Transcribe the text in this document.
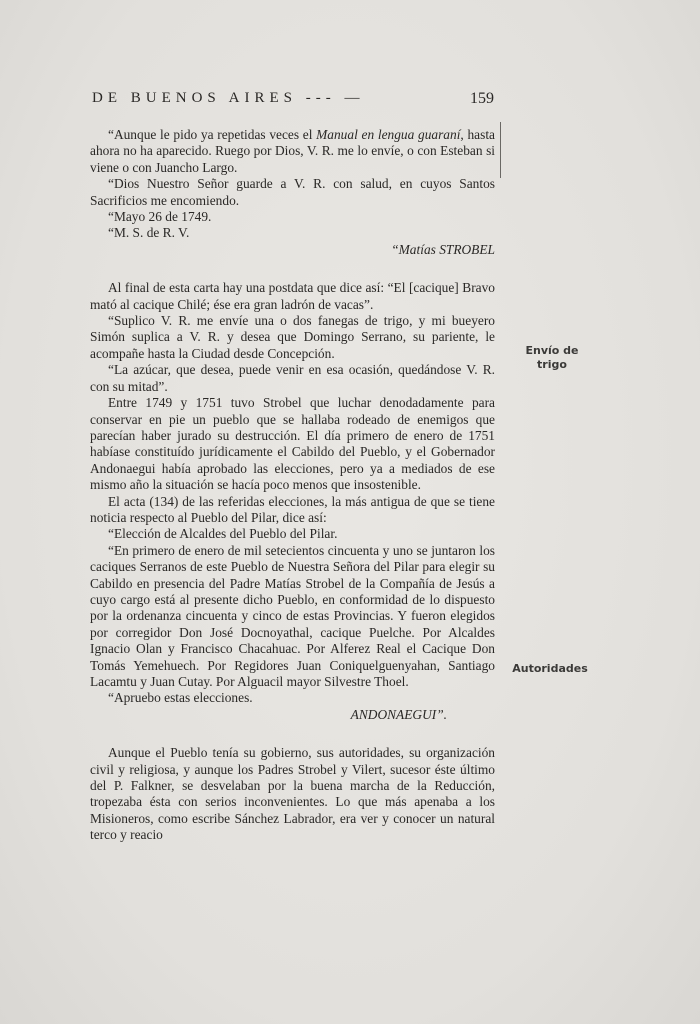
DE BUENOS AIRES --- —	159

“Aunque le pido ya repetidas veces el Manual en lengua guaraní, hasta ahora no ha aparecido. Ruego por Dios, V. R. me lo envíe, o con Esteban si viene o con Juancho Largo.

“Dios Nuestro Señor guarde a V. R. con salud, en cuyos Santos Sacrificios me encomiendo.

“Mayo 26 de 1749.

“M. S. de R. V.

“Matías STROBEL

Al final de esta carta hay una postdata que dice así: “El [cacique] Bravo mató al cacique Chilé; ése era gran ladrón de vacas”.

“Suplico V. R. me envíe una o dos fanegas de trigo, y mi bueyero Simón suplica a V. R. y desea que Domingo Serrano, su pariente, le acompañe hasta la Ciudad desde Concepción.

“La azúcar, que desea, puede venir en esa ocasión, quedándose V. R. con su mitad”.

Entre 1749 y 1751 tuvo Strobel que luchar denodadamente para conservar en pie un pueblo que se hallaba rodeado de enemigos que parecían haber jurado su destrucción. El día primero de enero de 1751 habíase constituído jurídicamente el Cabildo del Pueblo, y el Gobernador Andonaegui había aprobado las elecciones, pero ya a mediados de ese mismo año la situación se hacía poco menos que insostenible.

El acta (134) de las referidas elecciones, la más antigua de que se tiene noticia respecto al Pueblo del Pilar, dice así:

“Elección de Alcaldes del Pueblo del Pilar.

“En primero de enero de mil setecientos cincuenta y uno se juntaron los caciques Serranos de este Pueblo de Nuestra Señora del Pilar para elegir su Cabildo en presencia del Padre Matías Strobel de la Compañía de Jesús a cuyo cargo está al presente dicho Pueblo, en conformidad de lo dispuesto por la ordenanza cincuenta y cinco de estas Provincias. Y fueron elegidos por corregidor Don José Docnoyathal, cacique Puelche. Por Alcaldes Ignacio Olan y Francisco Chacahuac. Por Alferez Real el Cacique Don Tomás Yemehuech. Por Regidores Juan Coniquelguenyahan, Santiago Lacamtu y Juan Cutay. Por Alguacil mayor Silvestre Thoel.

“Apruebo estas elecciones.

ANDONAEGUI”.

Aunque el Pueblo tenía su gobierno, sus autoridades, su organización civil y religiosa, y aunque los Padres Strobel y Vilert, sucesor éste último del P. Falkner, se desvelaban por la buena marcha de la Reducción, tropezaba ésta con serios inconvenientes. Lo que más apenaba a los Misioneros, como escribe Sánchez Labrador, era ver y conocer un natural terco y reacio

Envío de trigo
Autoridades
